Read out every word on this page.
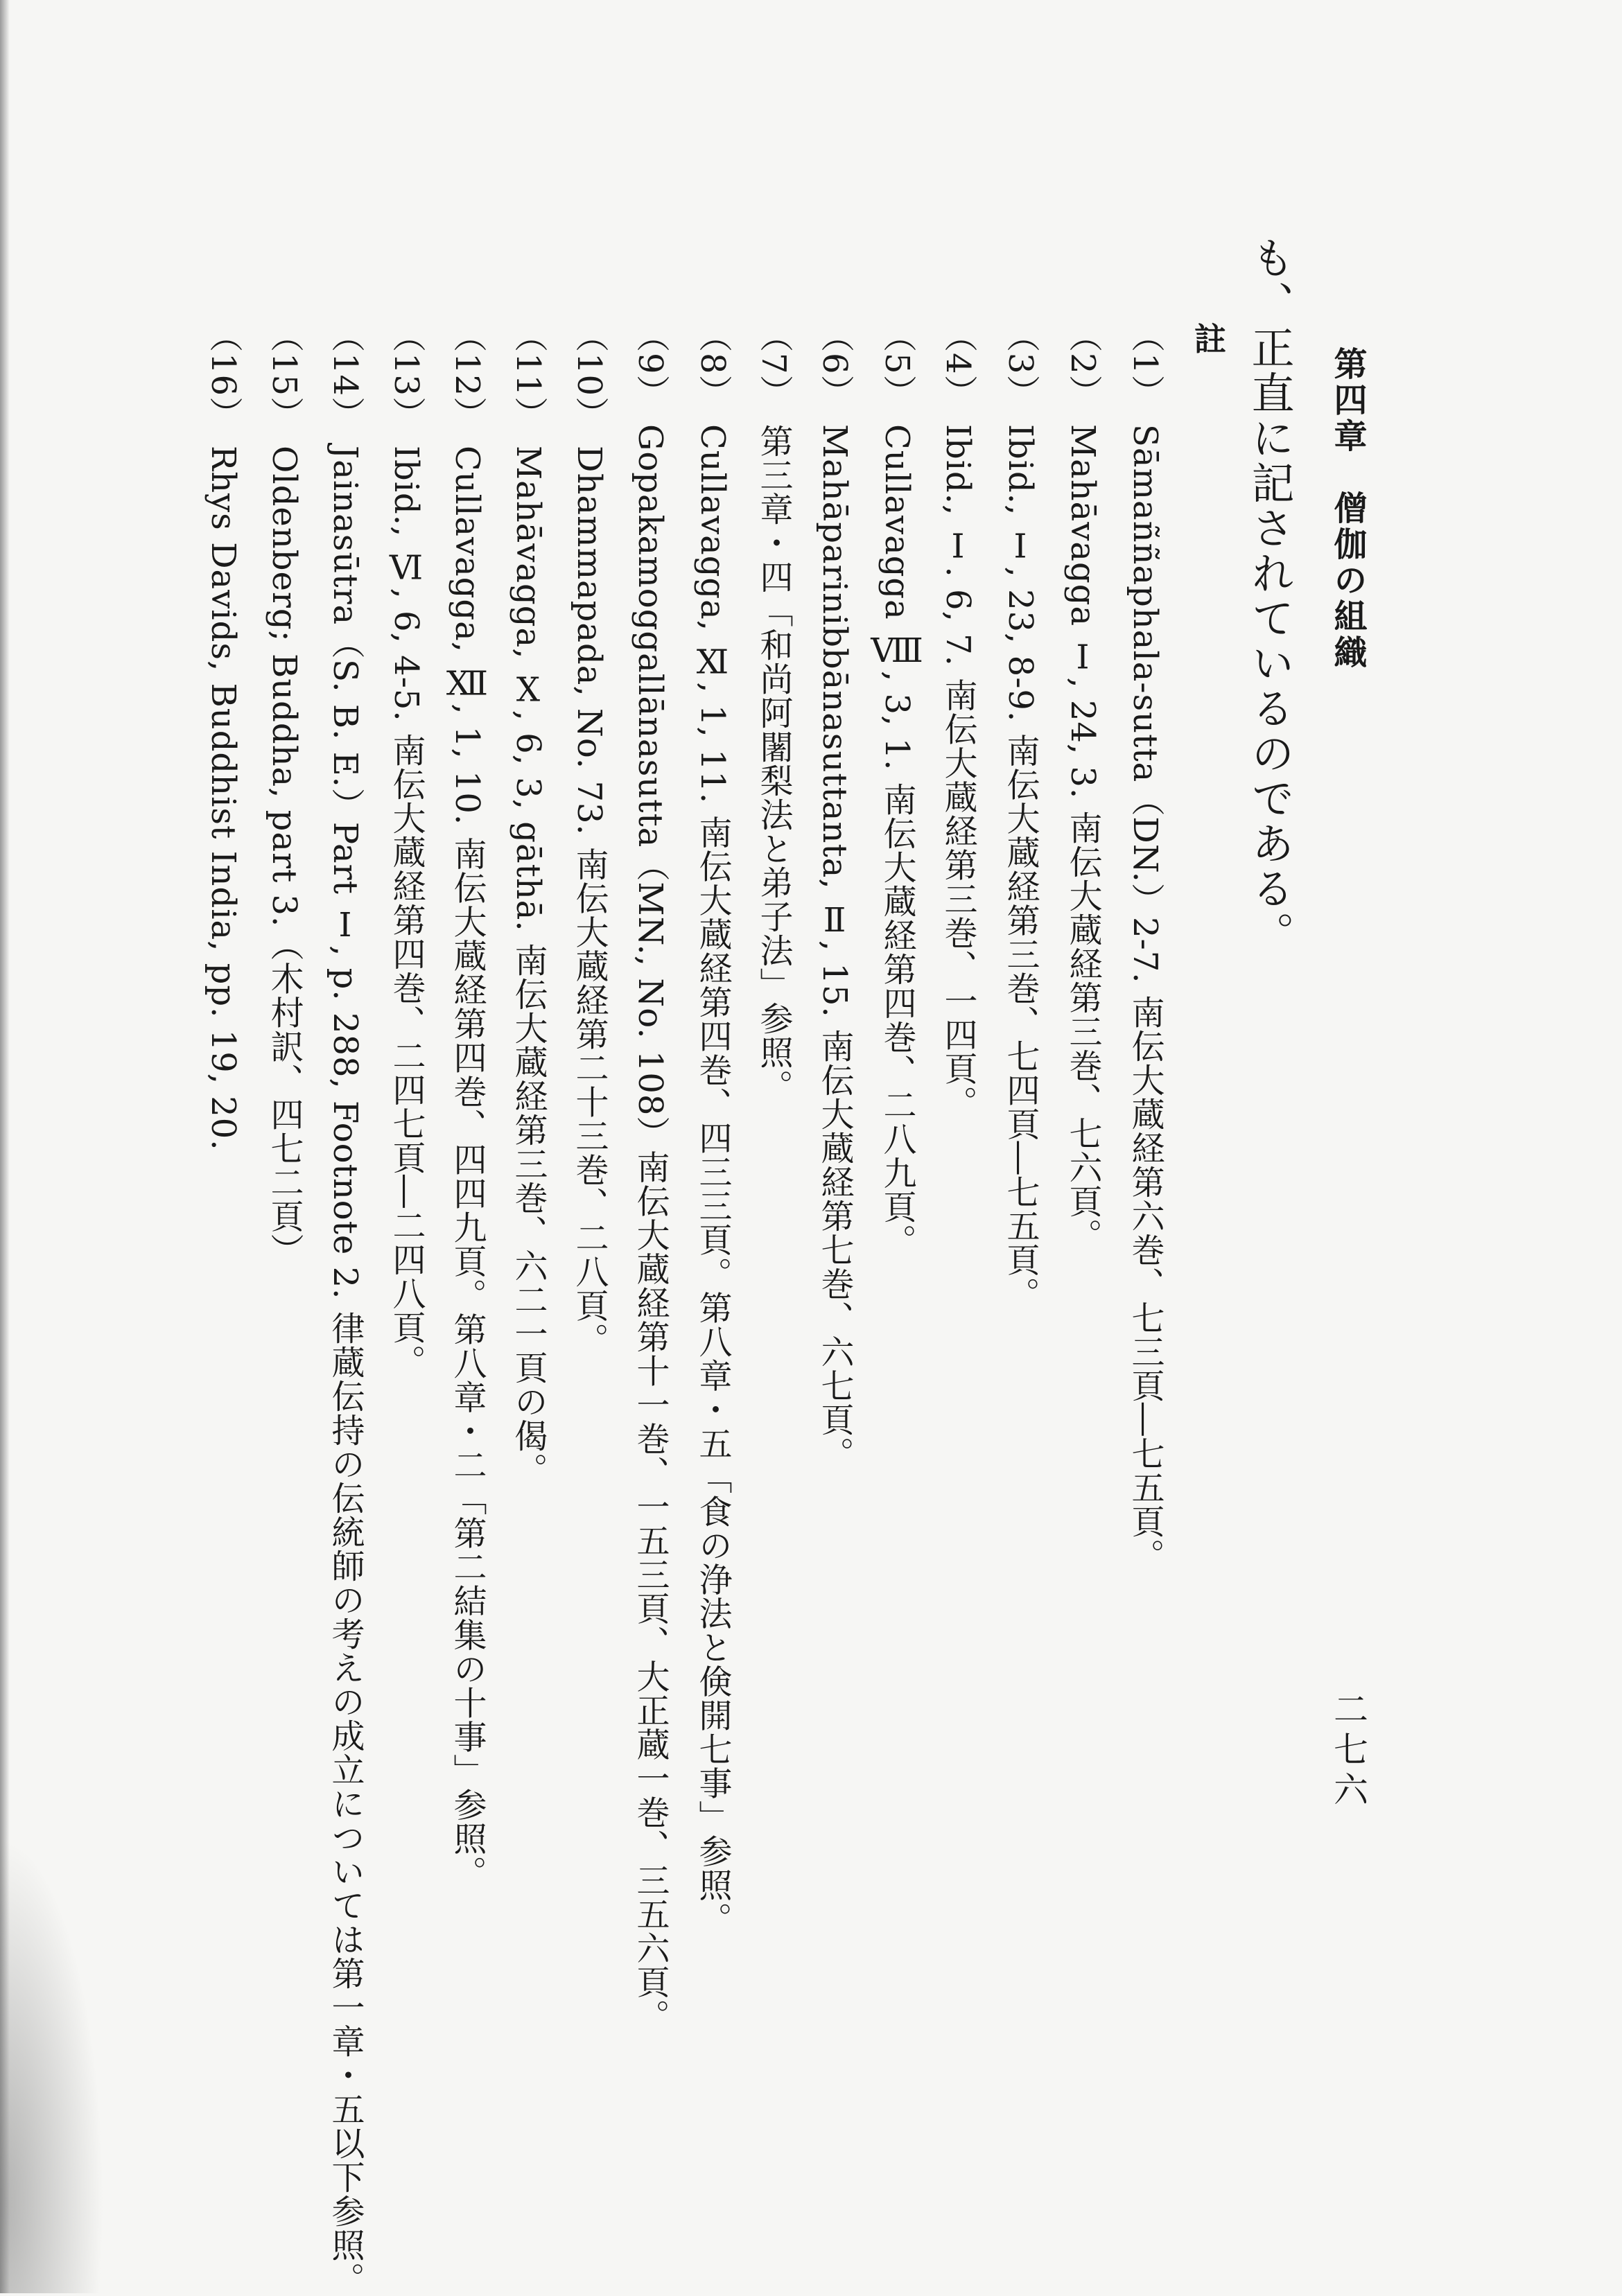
第四章　僧伽の組織
二七六
も、正直に記されているのである。
註
（1）Sāmaññaphala-sutta（DN.）2-7. 南伝大蔵経第六巻、七三頁―七五頁。
（2）Mahāvagga Ⅰ, 24, 3. 南伝大蔵経第三巻、七六頁。
（3）Ibid., Ⅰ, 23, 8-9. 南伝大蔵経第三巻、七四頁―七五頁。
（4）Ibid., Ⅰ. 6, 7. 南伝大蔵経第三巻、一四頁。
（5）Cullavagga Ⅷ, 3, 1. 南伝大蔵経第四巻、二八九頁。
（6）Mahāparinibbānasuttanta, Ⅱ, 15. 南伝大蔵経第七巻、六七頁。
（7）第三章・四「和尚阿闍梨法と弟子法」参照。
（8）Cullavagga, Ⅺ, 1, 11. 南伝大蔵経第四巻、四三三頁。第八章・五「食の浄法と倹開七事」参照。
（9）Gopakamoggallānasutta（MN., No. 108）南伝大蔵経第十一巻、一五三頁、大正蔵一巻、三五六頁。
（10）Dhammapada, No. 73. 南伝大蔵経第二十三巻、二八頁。
（11）Mahāvagga, Ⅹ, 6, 3, gāthā. 南伝大蔵経第三巻、六二一頁の偈。
（12）Cullavagga, Ⅻ, 1, 10. 南伝大蔵経第四巻、四四九頁。第八章・二「第二結集の十事」参照。
（13）Ibid., Ⅵ, 6, 4-5. 南伝大蔵経第四巻、二四七頁―二四八頁。
（14）Jainasūtra（S. B. E.）Part Ⅰ, p. 288, Footnote 2. 律蔵伝持の伝統師の考えの成立については第一章・五以下参照。
（15）Oldenberg; Buddha, part 3.（木村訳、四七二頁）
（16）Rhys Davids, Buddhist India, pp. 19, 20.
